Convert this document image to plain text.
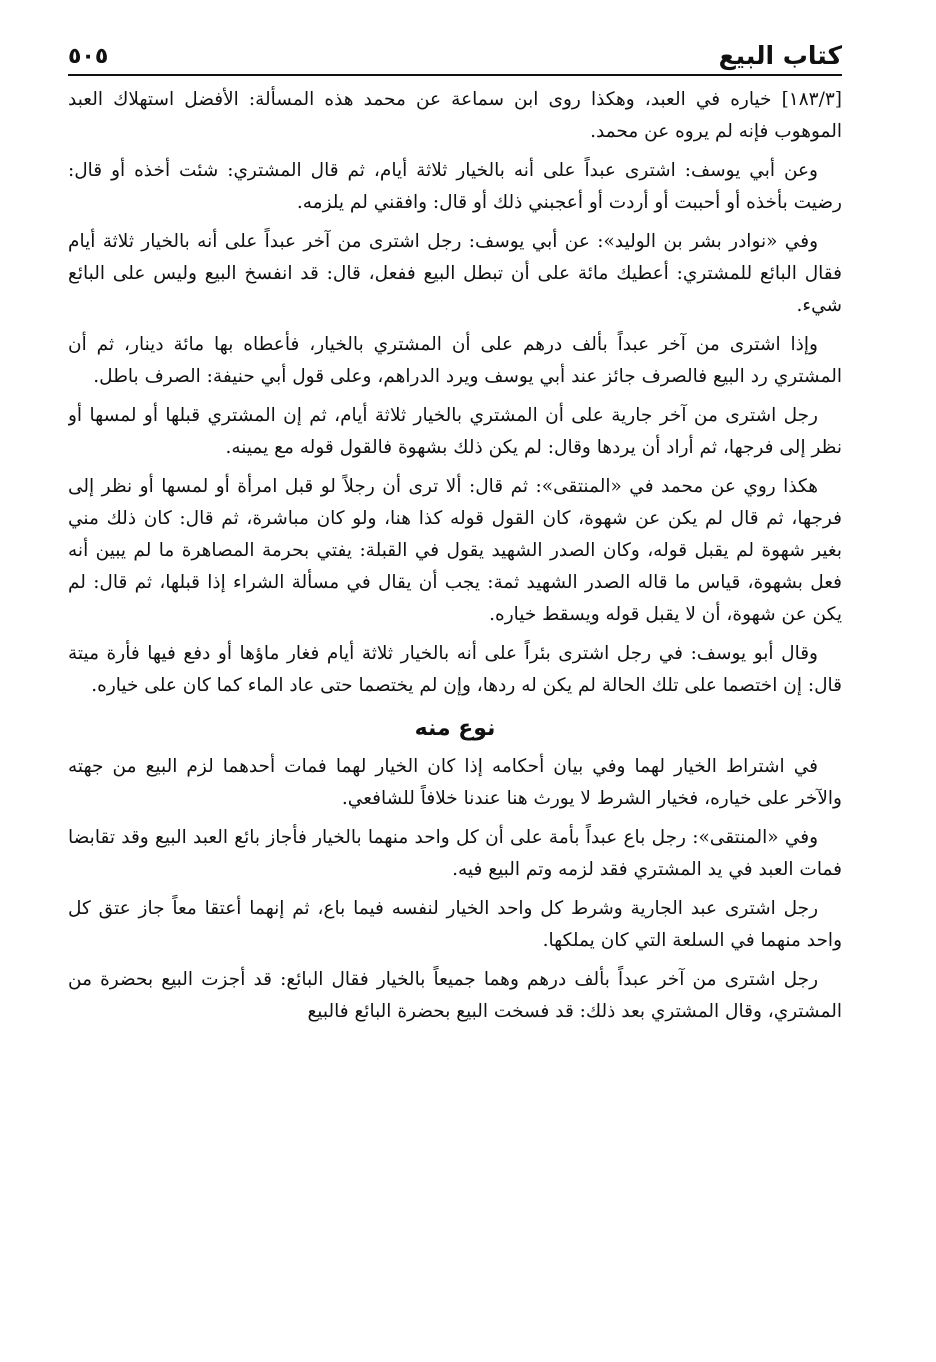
كتاب البيع
٥٠٥

[١٨٣/٣] خياره في العبد، وهكذا روى ابن سماعة عن محمد هذه المسألة: الأفضل استهلاك العبد الموهوب فإنه لم يروه عن محمد.

وعن أبي يوسف: اشترى عبداً على أنه بالخيار ثلاثة أيام، ثم قال المشتري: شئت أخذه أو قال: رضيت بأخذه أو أحببت أو أردت أو أعجبني ذلك أو قال: وافقني لم يلزمه.

وفي «نوادر بشر بن الوليد»: عن أبي يوسف: رجل اشترى من آخر عبداً على أنه بالخيار ثلاثة أيام فقال البائع للمشتري: أعطيك مائة على أن تبطل البيع ففعل، قال: قد انفسخ البيع وليس على البائع شيء.

وإذا اشترى من آخر عبداً بألف درهم على أن المشتري بالخيار، فأعطاه بها مائة دينار، ثم أن المشتري رد البيع فالصرف جائز عند أبي يوسف ويرد الدراهم، وعلى قول أبي حنيفة: الصرف باطل.

رجل اشترى من آخر جارية على أن المشتري بالخيار ثلاثة أيام، ثم إن المشتري قبلها أو لمسها أو نظر إلى فرجها، ثم أراد أن يردها وقال: لم يكن ذلك بشهوة فالقول قوله مع يمينه.

هكذا روي عن محمد في «المنتقى»: ثم قال: ألا ترى أن رجلاً لو قبل امرأة أو لمسها أو نظر إلى فرجها، ثم قال لم يكن عن شهوة، كان القول قوله كذا هنا، ولو كان مباشرة، ثم قال: كان ذلك مني بغير شهوة لم يقبل قوله، وكان الصدر الشهيد يقول في القبلة: يفتي بحرمة المصاهرة ما لم يبين أنه فعل بشهوة، قياس ما قاله الصدر الشهيد ثمة: يجب أن يقال في مسألة الشراء إذا قبلها، ثم قال: لم يكن عن شهوة، أن لا يقبل قوله ويسقط خياره.

وقال أبو يوسف: في رجل اشترى بئراً على أنه بالخيار ثلاثة أيام فغار ماؤها أو دفع فيها فأرة ميتة قال: إن اختصما على تلك الحالة لم يكن له ردها، وإن لم يختصما حتى عاد الماء كما كان على خياره.

نوع منه

في اشتراط الخيار لهما وفي بيان أحكامه إذا كان الخيار لهما فمات أحدهما لزم البيع من جهته والآخر على خياره، فخيار الشرط لا يورث هنا عندنا خلافاً للشافعي.

وفي «المنتقى»: رجل باع عبداً بأمة على أن كل واحد منهما بالخيار فأجاز بائع العبد البيع وقد تقابضا فمات العبد في يد المشتري فقد لزمه وتم البيع فيه.

رجل اشترى عبد الجارية وشرط كل واحد الخيار لنفسه فيما باع، ثم إنهما أعتقا معاً جاز عتق كل واحد منهما في السلعة التي كان يملكها.

رجل اشترى من آخر عبداً بألف درهم وهما جميعاً بالخيار فقال البائع: قد أجزت البيع بحضرة من المشتري، وقال المشتري بعد ذلك: قد فسخت البيع بحضرة البائع فالبيع
